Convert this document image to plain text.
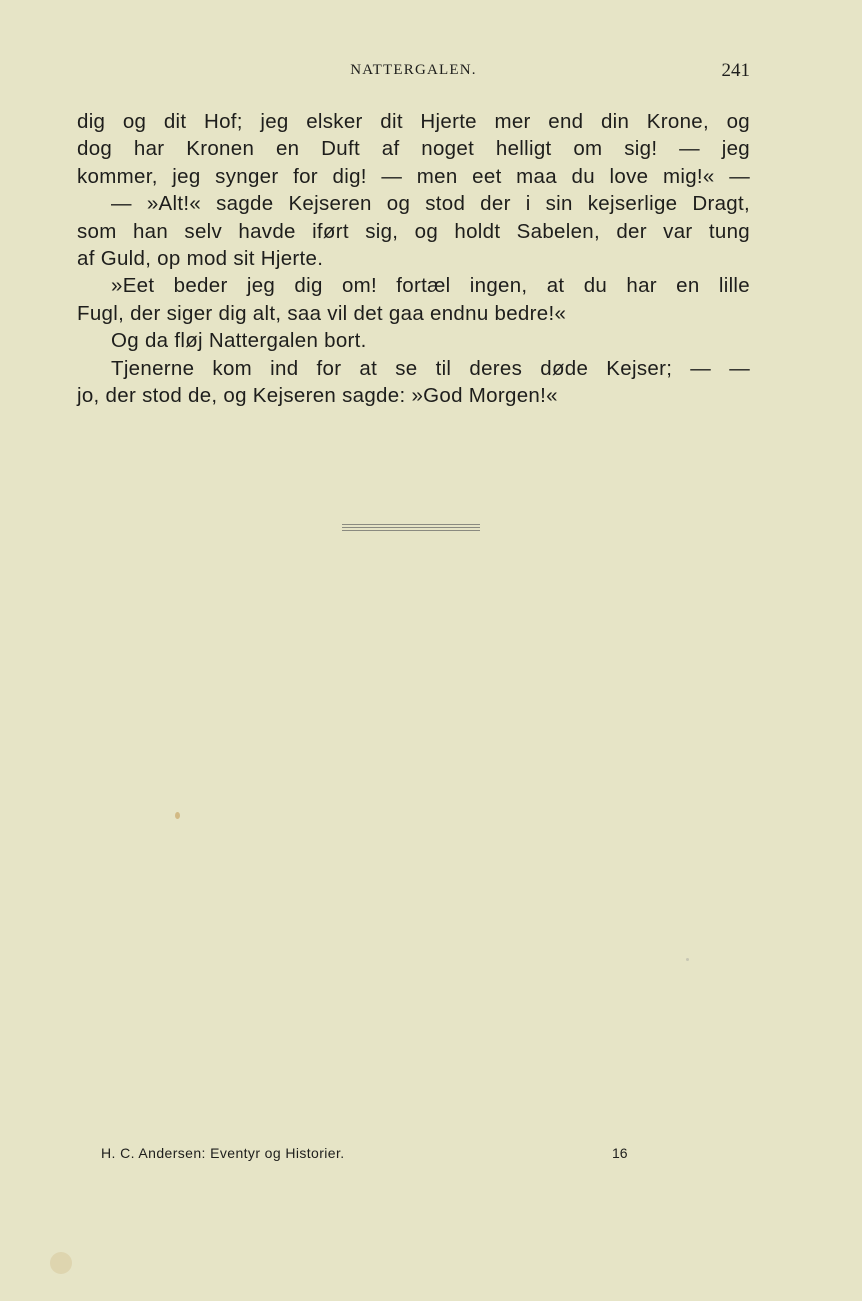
NATTERGALEN.	241
dig og dit Hof; jeg elsker dit Hjerte mer end din Krone, og
dog har Kronen en Duft af noget helligt om sig! — jeg
kommer, jeg synger for dig! — men eet maa du love mig!« —
— »Alt!« sagde Kejseren og stod der i sin kejserlige Dragt,
som han selv havde iført sig, og holdt Sabelen, der var tung
af Guld, op mod sit Hjerte.
»Eet beder jeg dig om! fortæl ingen, at du har en lille
Fugl, der siger dig alt, saa vil det gaa endnu bedre!«
Og da fløj Nattergalen bort.
Tjenerne kom ind for at se til deres døde Kejser; — —
jo, der stod de, og Kejseren sagde: »God Morgen!«
H. C. Andersen: Eventyr og Historier.	16
